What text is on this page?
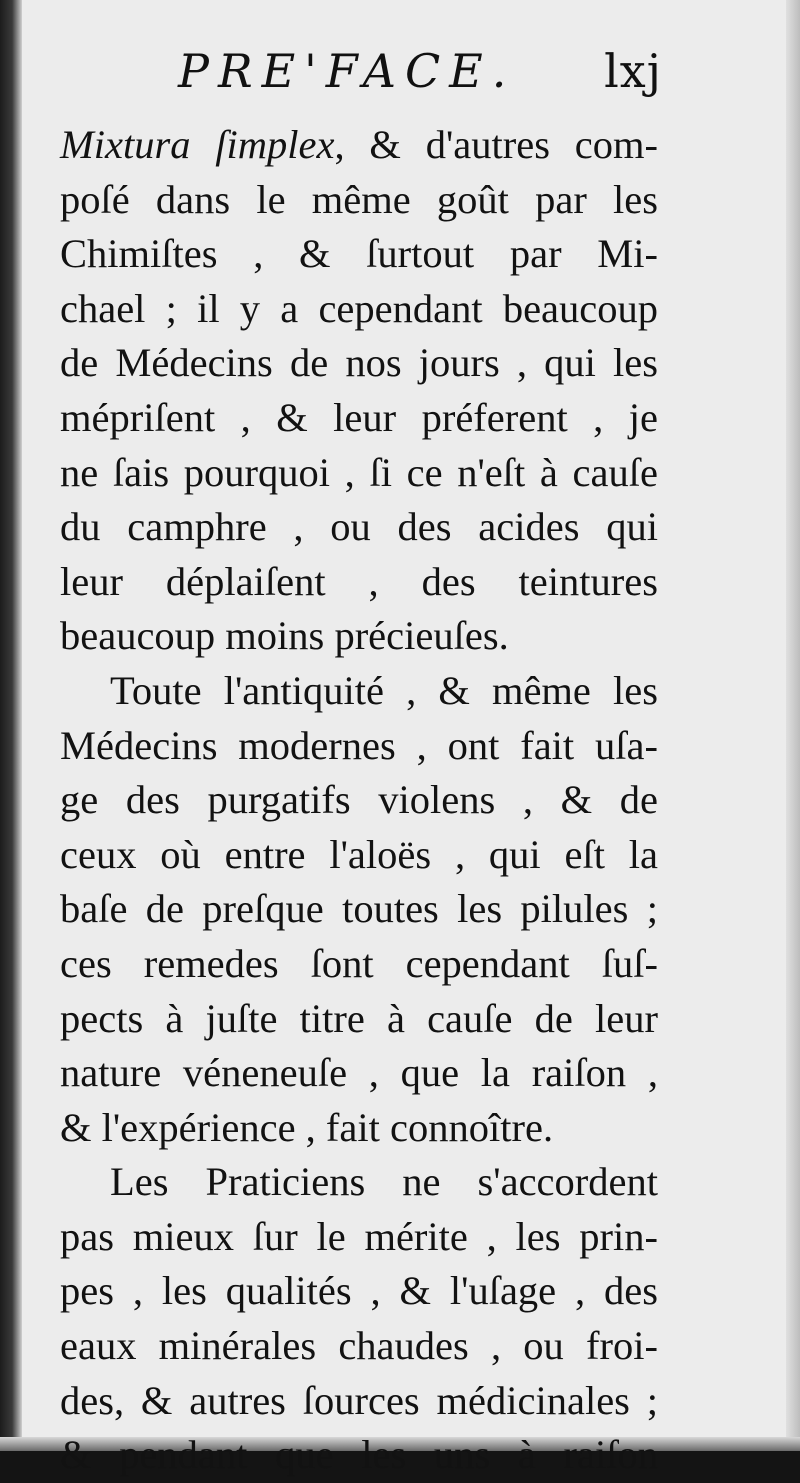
PRE'FACE. lxj
Mixtura ſimplex, & d'autres com-
poſé dans le même goût par les
Chimiſtes , & ſurtout par Mi-
chael ; il y a cependant beaucoup
de Médecins de nos jours , qui les
mépriſent , & leur préferent , je
ne ſais pourquoi , ſi ce n'eſt à cauſe
du camphre , ou des acides qui
leur déplaiſent , des teintures
beaucoup moins précieuſes.
Toute l'antiquité , & même les
Médecins modernes , ont fait uſa-
ge des purgatifs violens , & de
ceux où entre l'aloës , qui eſt la
baſe de preſque toutes les pilules ;
ces remedes ſont cependant ſuſ-
pects à juſte titre à cauſe de leur
nature véneneuſe , que la raiſon ,
& l'expérience , fait connoître.
Les Praticiens ne s'accordent
pas mieux ſur le mérite , les prin-
pes , les qualités , & l'uſage , des
eaux minérales chaudes , ou froi-
des, & autres ſources médicinales ;
& pendant que les uns à raiſon
